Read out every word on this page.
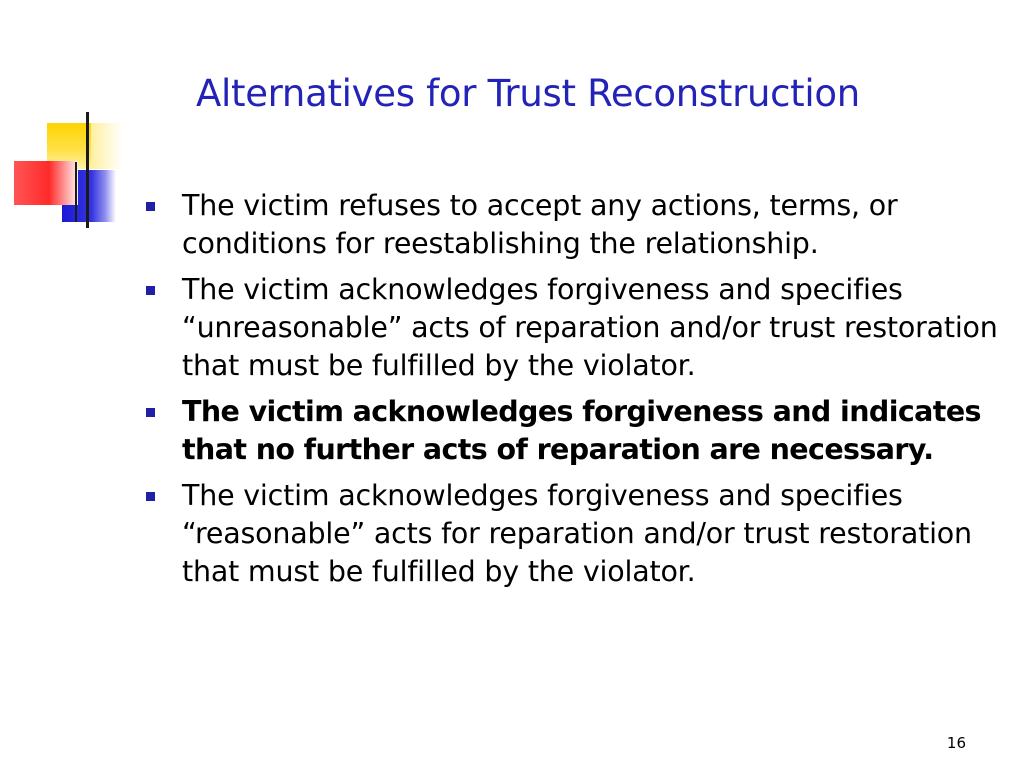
Alternatives for Trust Reconstruction
The victim refuses to accept any actions, terms, or conditions for reestablishing the relationship.
The victim acknowledges forgiveness and specifies “unreasonable” acts of reparation and/or trust restoration that must be fulfilled by the violator.
The victim acknowledges forgiveness and indicates that no further acts of reparation are necessary.
The victim acknowledges forgiveness and specifies “reasonable” acts for reparation and/or trust restoration that must be fulfilled by the violator.
16
